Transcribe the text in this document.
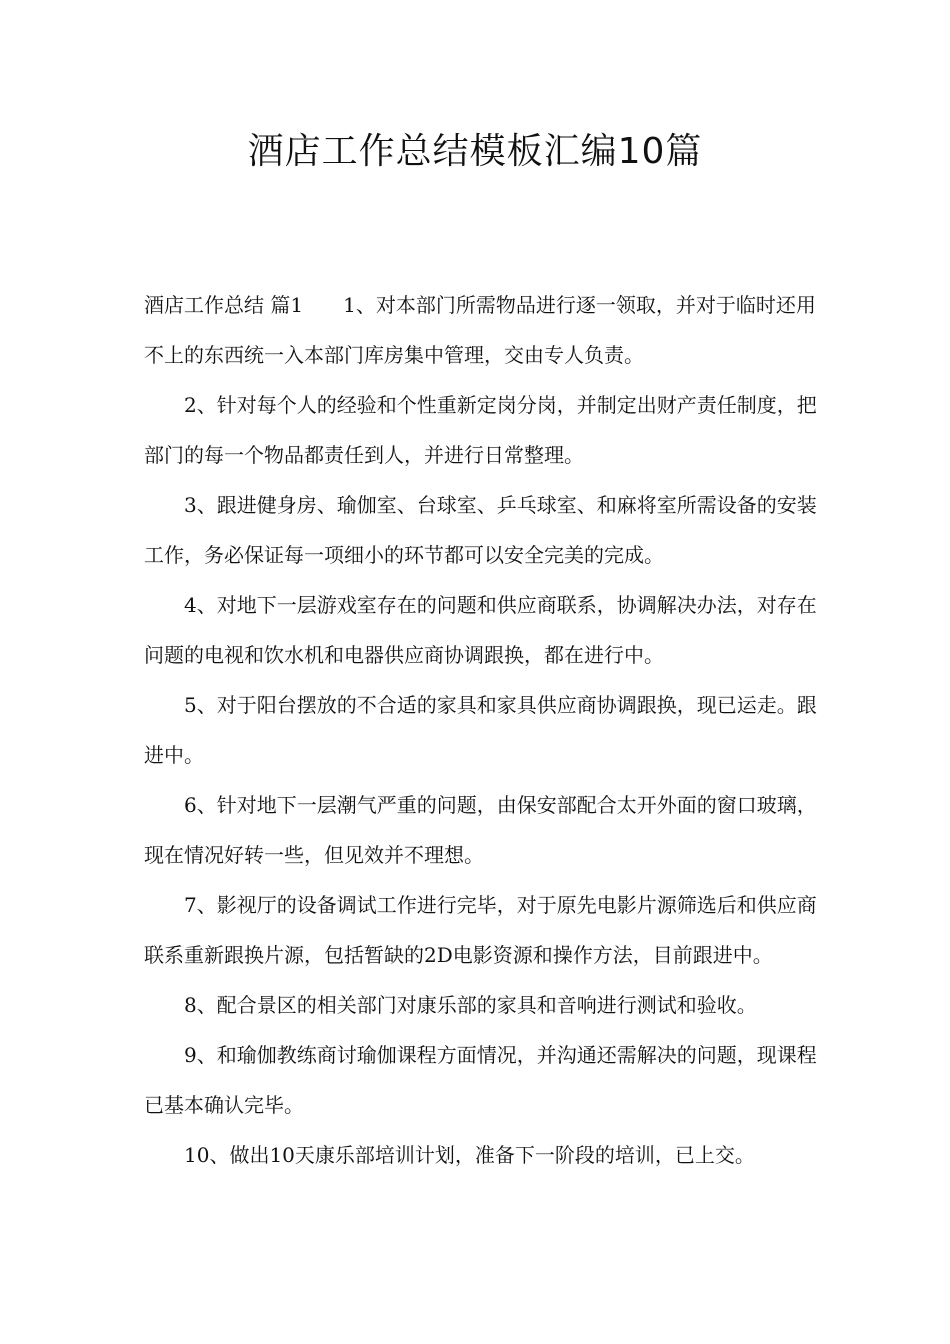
酒店工作总结模板汇编10篇

酒店工作总结 篇1 1、对本部门所需物品进行逐一领取，并对于临时还用不上的东西统一入本部门库房集中管理，交由专人负责。

2、针对每个人的经验和个性重新定岗分岗，并制定出财产责任制度，把部门的每一个物品都责任到人，并进行日常整理。

3、跟进健身房、瑜伽室、台球室、乒乓球室、和麻将室所需设备的安装工作，务必保证每一项细小的环节都可以安全完美的完成。

4、对地下一层游戏室存在的问题和供应商联系，协调解决办法，对存在问题的电视和饮水机和电器供应商协调跟换，都在进行中。

5、对于阳台摆放的不合适的家具和家具供应商协调跟换，现已运走。跟进中。

6、针对地下一层潮气严重的问题，由保安部配合太开外面的窗口玻璃，现在情况好转一些，但见效并不理想。

7、影视厅的设备调试工作进行完毕，对于原先电影片源筛选后和供应商联系重新跟换片源，包括暂缺的2D电影资源和操作方法，目前跟进中。

8、配合景区的相关部门对康乐部的家具和音响进行测试和验收。

9、和瑜伽教练商讨瑜伽课程方面情况，并沟通还需解决的问题，现课程已基本确认完毕。

10、做出10天康乐部培训计划，准备下一阶段的培训，已上交。
